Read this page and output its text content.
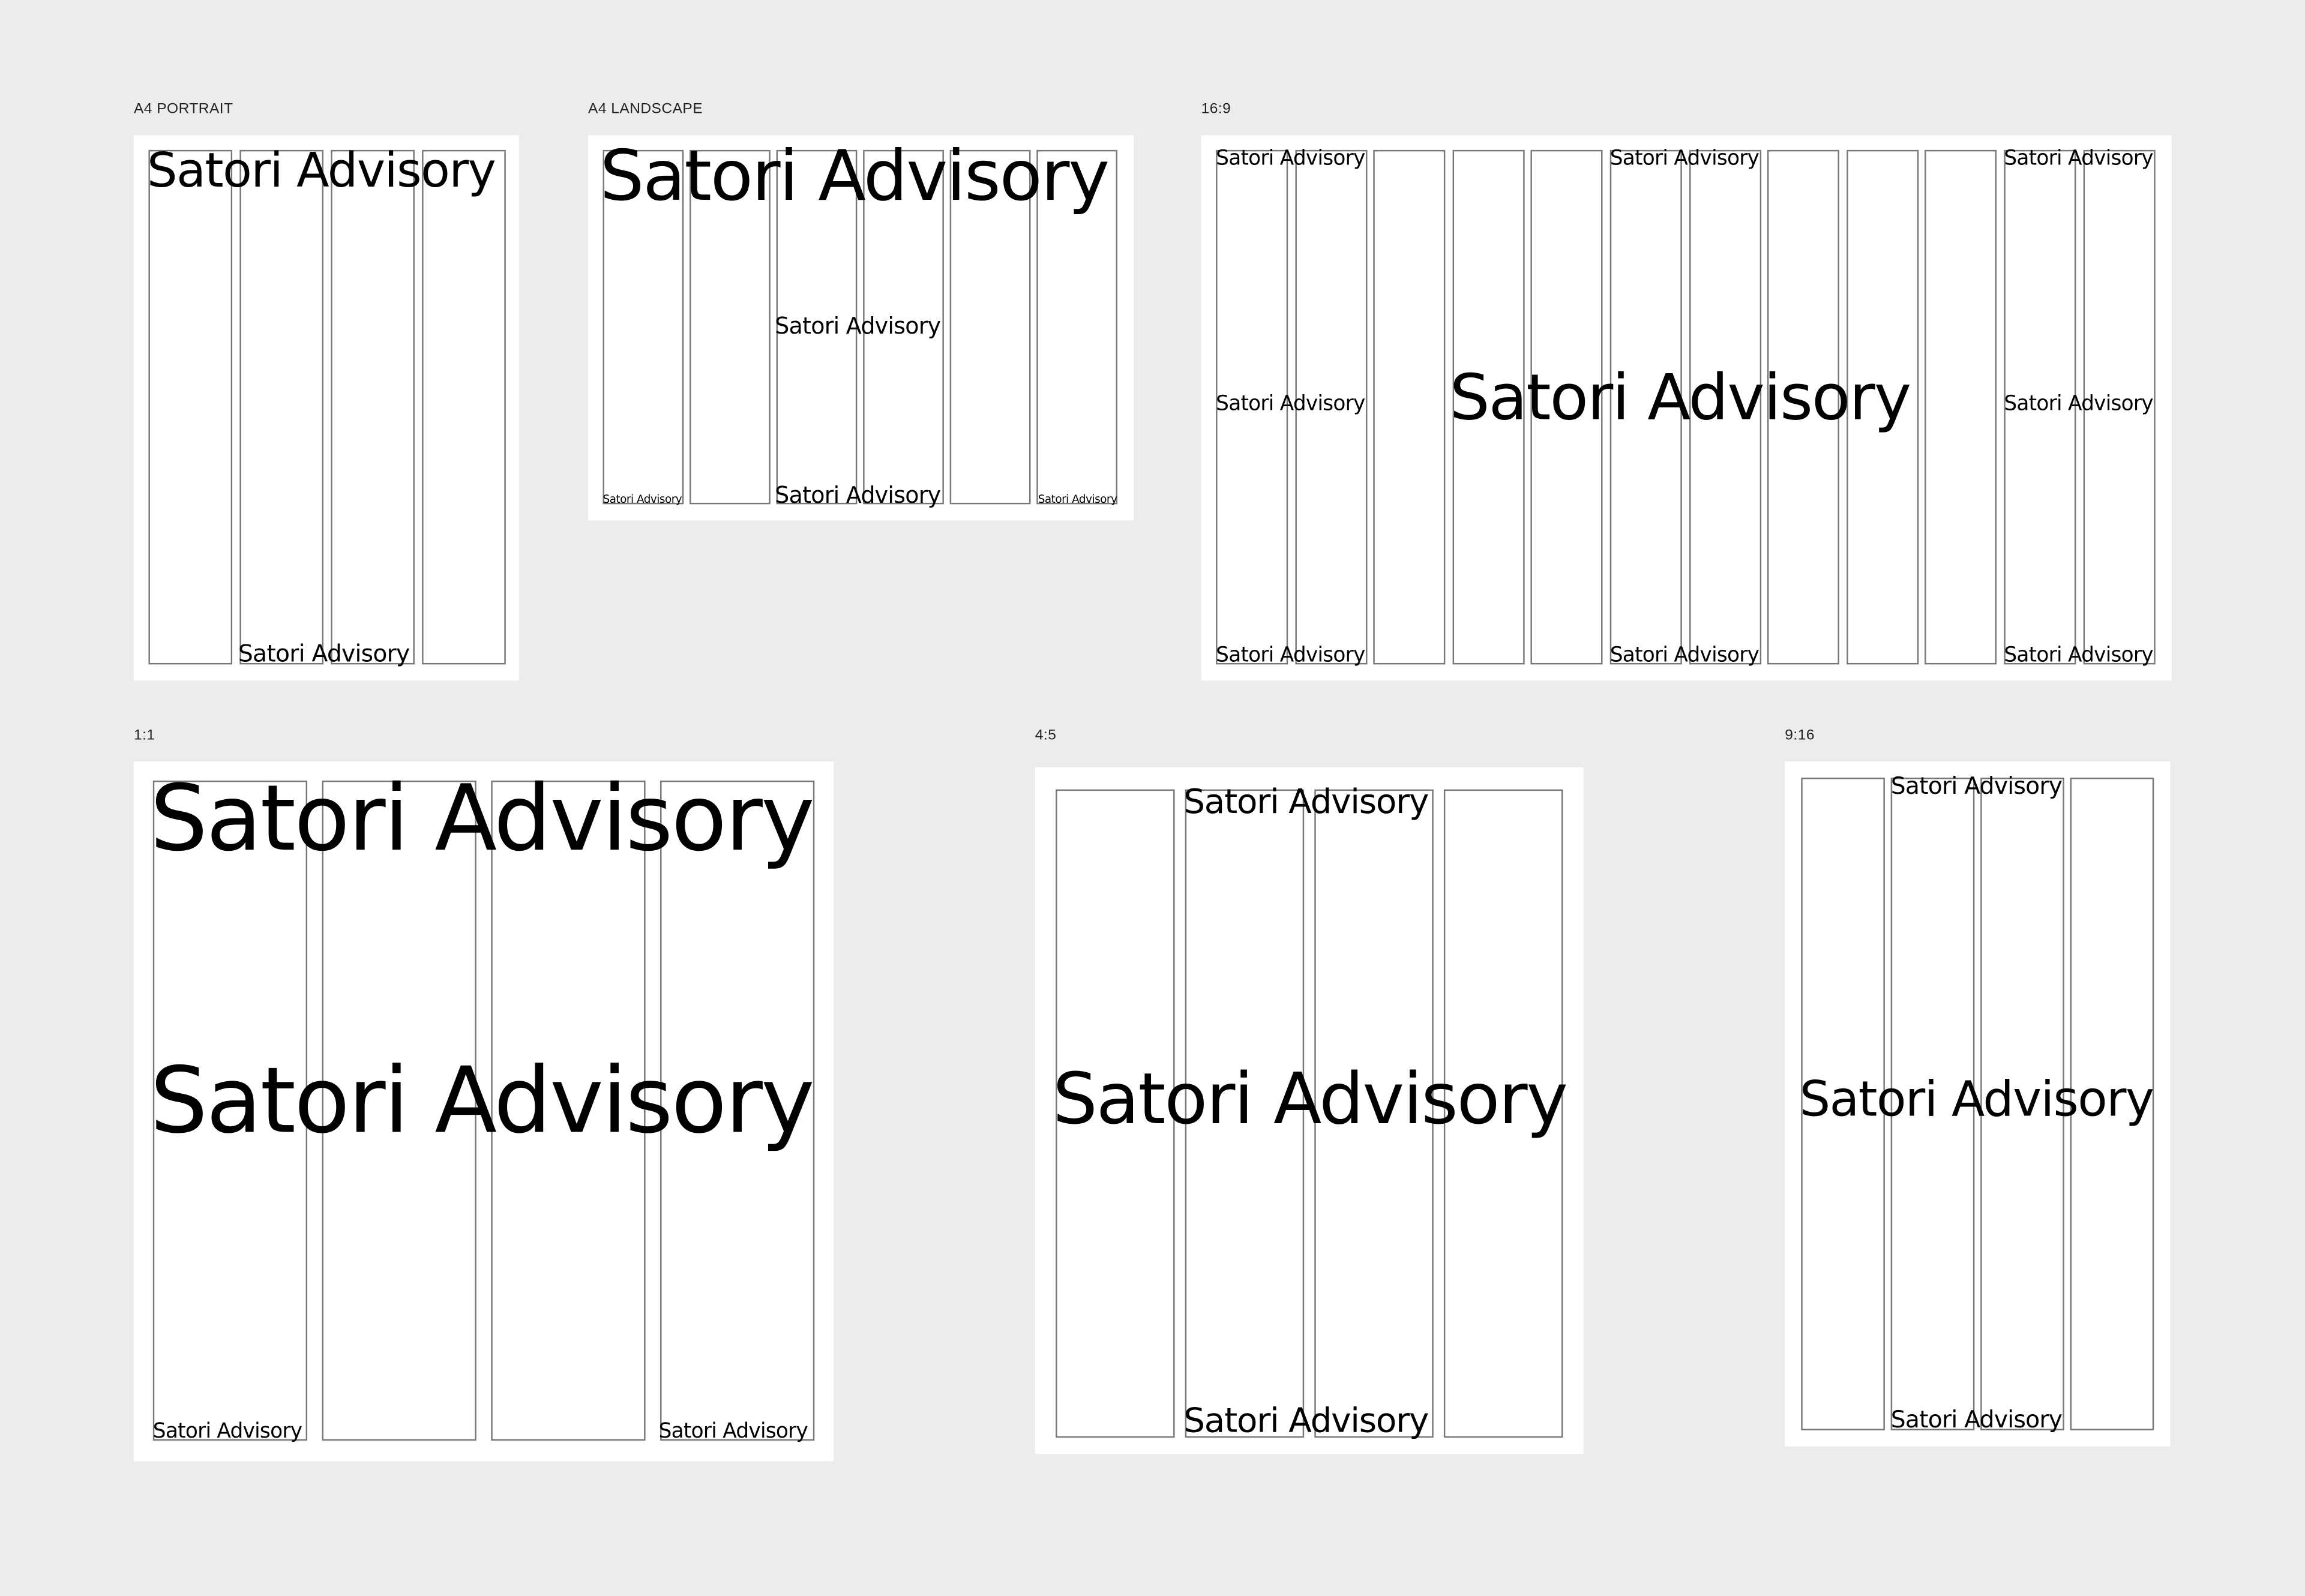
A4 PORTRAIT
Satori Advisory
Satori Advisory
A4 LANDSCAPE
Satori Advisory
Satori Advisory
Satori Advisory
Satori Advisory	Satori Advisory
16:9
Satori Advisory	Satori Advisory	Satori Advisory
Satori Advisory	Satori Advisory
Satori Advisory
Satori Advisory	Satori Advisory	Satori Advisory
1:1
Satori Advisory
Satori Advisory
Satori Advisory	Satori Advisory
4:5
Satori Advisory
Satori Advisory
Satori Advisory
9:16
Satori Advisory
Satori Advisory
Satori Advisory
